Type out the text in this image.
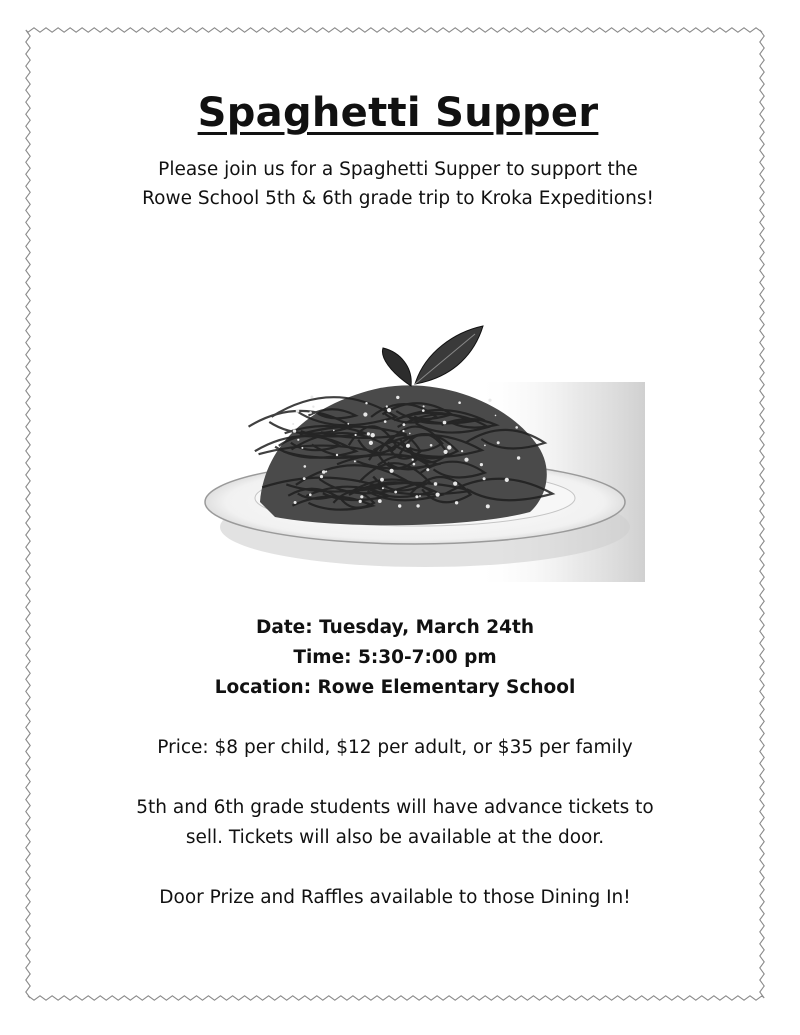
Spaghetti Supper
Please join us for a Spaghetti Supper to support the
Rowe School 5th & 6th grade trip to Kroka Expeditions!
Date: Tuesday, March 24th
Time: 5:30-7:00 pm
Location: Rowe Elementary School
Price: $8 per child, $12 per adult, or $35 per family
5th and 6th grade students will have advance tickets to
sell. Tickets will also be available at the door.
Door Prize and Raffles available to those Dining In!
